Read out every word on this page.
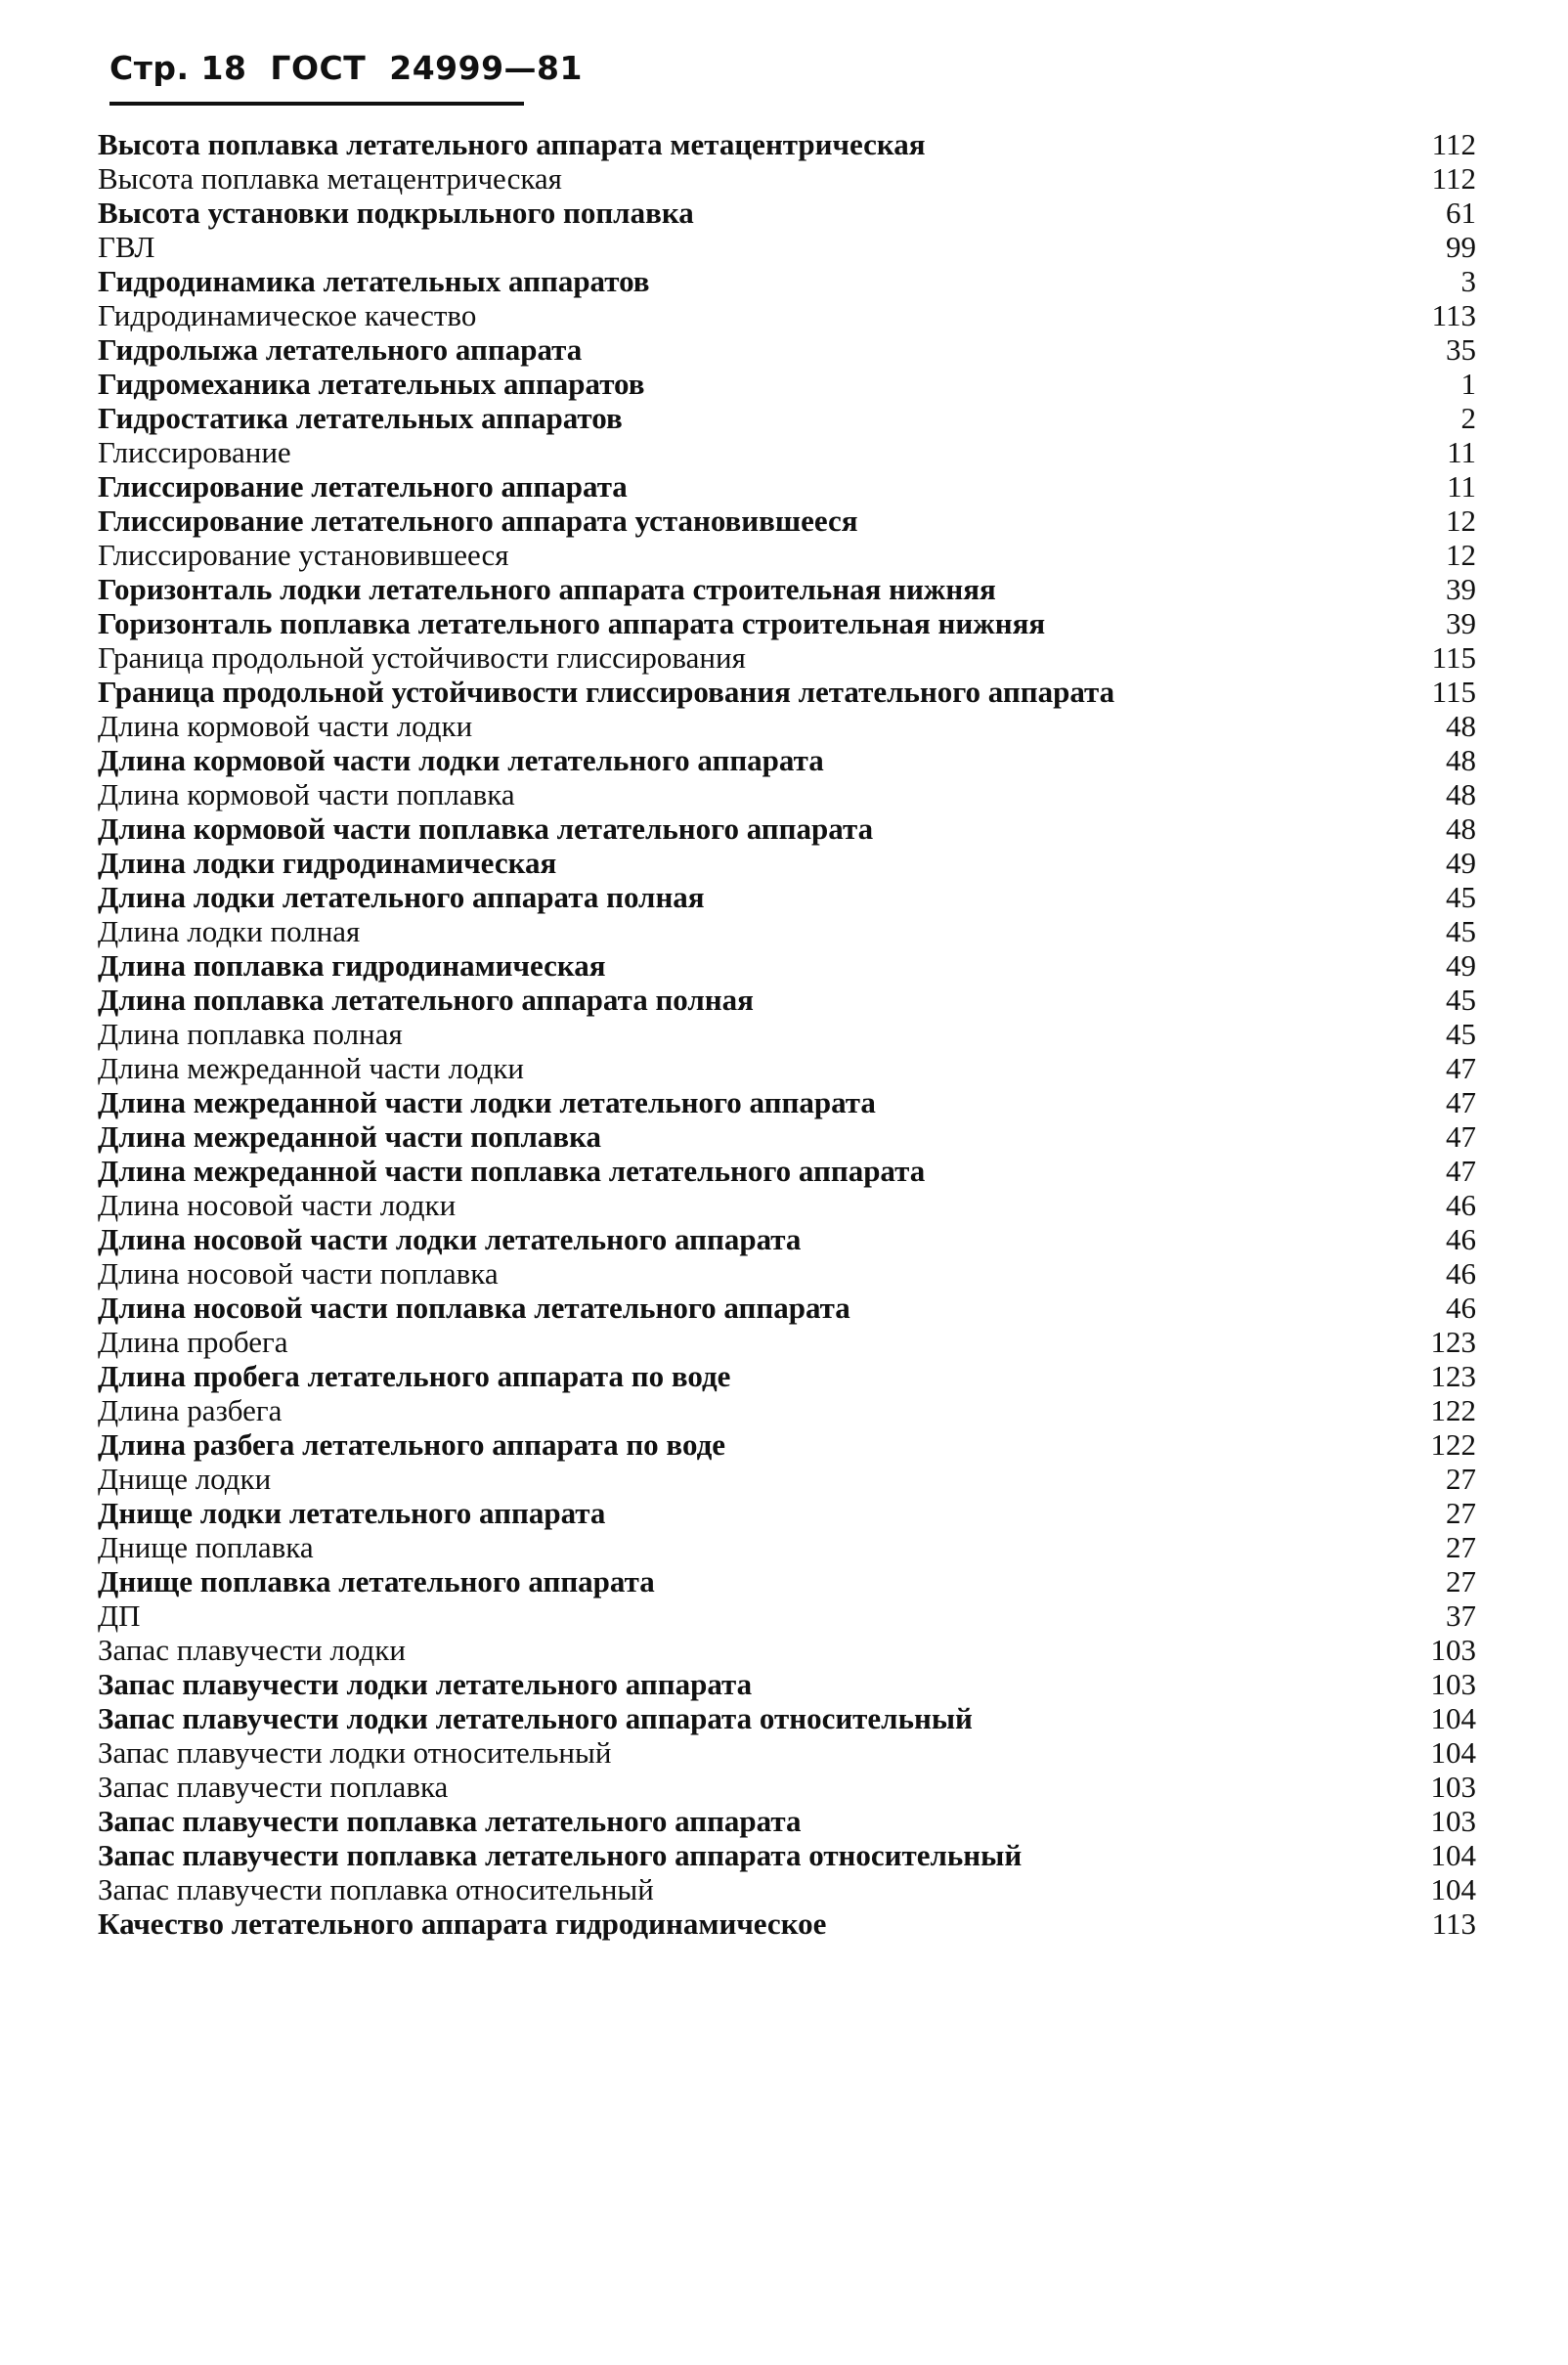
Стр. 18 ГОСТ 24999—81
Высота поплавка летательного аппарата метацентрическая	112
Высота поплавка метацентрическая	112
Высота установки подкрыльного поплавка	61
ГВЛ	99
Гидродинамика летательных аппаратов	3
Гидродинамическое качество	113
Гидролыжа летательного аппарата	35
Гидромеханика летательных аппаратов	1
Гидростатика летательных аппаратов	2
Глиссирование	11
Глиссирование летательного аппарата	11
Глиссирование летательного аппарата установившееся	12
Глиссирование установившееся	12
Горизонталь лодки летательного аппарата строительная нижняя	39
Горизонталь поплавка летательного аппарата строительная нижняя	39
Граница продольной устойчивости глиссирования	115
Граница продольной устойчивости глиссирования летательного аппарата	115
Длина кормовой части лодки	48
Длина кормовой части лодки летательного аппарата	48
Длина кормовой части поплавка	48
Длина кормовой части поплавка летательного аппарата	48
Длина лодки гидродинамическая	49
Длина лодки летательного аппарата полная	45
Длина лодки полная	45
Длина поплавка гидродинамическая	49
Длина поплавка летательного аппарата полная	45
Длина поплавка полная	45
Длина межреданной части лодки	47
Длина межреданной части лодки летательного аппарата	47
Длина межреданной части поплавка	47
Длина межреданной части поплавка летательного аппарата	47
Длина носовой части лодки	46
Длина носовой части лодки летательного аппарата	46
Длина носовой части поплавка	46
Длина носовой части поплавка летательного аппарата	46
Длина пробега	123
Длина пробега летательного аппарата по воде	123
Длина разбега	122
Длина разбега летательного аппарата по воде	122
Днище лодки	27
Днище лодки летательного аппарата	27
Днище поплавка	27
Днище поплавка летательного аппарата	27
ДП	37
Запас плавучести лодки	103
Запас плавучести лодки летательного аппарата	103
Запас плавучести лодки летательного аппарата относительный	104
Запас плавучести лодки относительный	104
Запас плавучести поплавка	103
Запас плавучести поплавка летательного аппарата	103
Запас плавучести поплавка летательного аппарата относительный	104
Запас плавучести поплавка относительный	104
Качество летательного аппарата гидродинамическое	113
